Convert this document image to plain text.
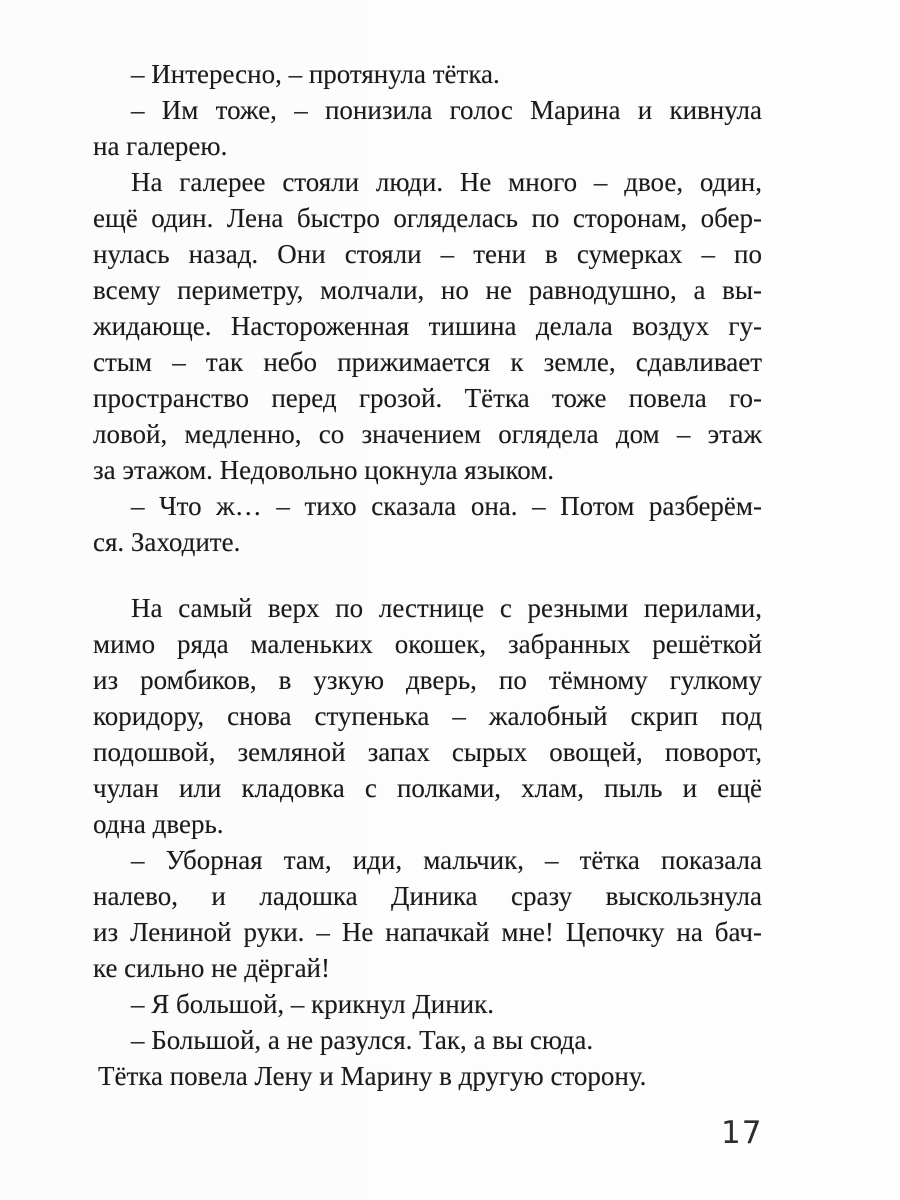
– Интересно, – протянула тётка.
– Им тоже, – понизила голос Марина и кивнула
на галерею.
На галерее стояли люди. Не много – двое, один,
ещё один. Лена быстро огляделась по сторонам, обер-
нулась назад. Они стояли – тени в сумерках – по
всему периметру, молчали, но не равнодушно, а вы-
жидающе. Настороженная тишина делала воздух гу-
стым – так небо прижимается к земле, сдавливает
пространство перед грозой. Тётка тоже повела го-
ловой, медленно, со значением оглядела дом – этаж
за этажом. Недовольно цокнула языком.
– Что ж… – тихо сказала она. – Потом разберём-
ся. Заходите.
На самый верх по лестнице с резными перилами,
мимо ряда маленьких окошек, забранных решёткой
из ромбиков, в узкую дверь, по тёмному гулкому
коридору, снова ступенька – жалобный скрип под
подошвой, земляной запах сырых овощей, поворот,
чулан или кладовка с полками, хлам, пыль и ещё
одна дверь.
– Уборная там, иди, мальчик, – тётка показала
налево, и ладошка Диника сразу выскользнула
из Лениной руки. – Не напачкай мне! Цепочку на бач-
ке сильно не дёргай!
– Я большой, – крикнул Диник.
– Большой, а не разулся. Так, а вы сюда.
Тётка повела Лену и Марину в другую сторону.
17
